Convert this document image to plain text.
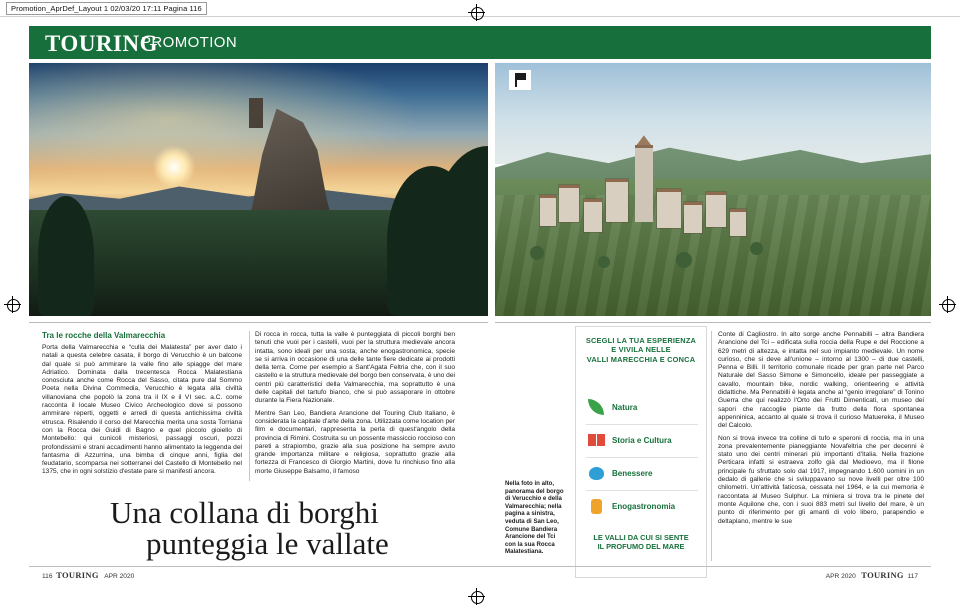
Promotion_AprDef_Layout 1 02/03/20 17:11 Pagina 116
TOURING
PROMOTION
Tra le rocche della Valmarecchia

Porta della Valmarecchia e “culla dei Malatesta” per aver dato i natali a questa celebre casata, il borgo di Verucchio è un balcone dal quale si può ammirare la valle fino alle spiagge del mare Adriatico. Dominata dalla trecentesca Rocca Malatestiana conosciuta anche come Rocca del Sasso, citata pure dal Sommo Poeta nella Divina Commedia, Verucchio è legata alla civiltà villanoviana che popolò la zona tra il IX e il VI sec. a.C. come racconta il locale Museo Civico Archeologico dove si possono ammirare reperti, oggetti e arredi di questa antichissima civiltà etrusca. Risalendo il corso del Marecchia merita una sosta Torriana con la Rocca dei Guidi di Bagno e quel piccolo gioiello di Montebello: qui cunicoli misteriosi, passaggi oscuri, pozzi profondissimi e strani accadimenti hanno alimentato la leggenda del fantasma di Azzurrina, una bimba di cinque anni, figlia del feudatario, scomparsa nei sotterranei del Castello di Montebello nel 1375, che in ogni solstizio d'estate pare si manifesti ancora.

Di rocca in rocca, tutta la valle è punteggiata di piccoli borghi ben tenuti che vuoi per i castelli, vuoi per la struttura medievale ancora intatta, sono ideali per una sosta, anche enogastronomica, specie se si arriva in occasione di una delle tante fiere dedicate ai prodotti della terra. Come per esempio a Sant'Agata Feltria che, con il suo castello e la struttura medievale del borgo ben conservata, è uno dei centri più caratteristici della Valmarecchia, ma soprattutto è una delle capitali del tartufo bianco, che si può assaporare in ottobre durante la Fiera Nazionale.

Mentre San Leo, Bandiera Arancione del Touring Club Italiano, è considerata la capitale d'arte della zona. Utilizzata come location per film e documentari, rappresenta la perla di quest'angolo della provincia di Rimini. Costruita su un possente massiccio roccioso con pareti a strapiombo, grazie alla sua posizione ha sempre avuto grande importanza militare e religiosa, soprattutto grazie alla fortezza di Francesco di Giorgio Martini, dove fu rinchiuso fino alla morte Giuseppe Balsamo, il famoso

Nella foto in alto, panorama del borgo di Verucchio e della Valmarecchia; nella pagina a sinistra, veduta di San Leo, Comune Bandiera Arancione del Tci con la sua Rocca Malatestiana.

Conte di Cagliostro. In alto sorge anche Pennabilli – altra Bandiera Arancione del Tci – edificata sulla roccia della Rupe e del Roccione a 629 metri di altezza, e intatta nel suo impianto medievale. Un nome curioso, che si deve all'unione – intorno al 1300 – di due castelli, Penna e Billi. Il territorio comunale ricade per gran parte nel Parco Naturale del Sasso Simone e Simoncello, ideale per passeggiate a cavallo, mountain bike, nordic walking, orienteering e attività didattiche. Ma Pennabilli è legata anche al “genio irregolare” di Tonino Guerra che qui realizzò l'Orto dei Frutti Dimenticati, un museo dei sapori che raccoglie piante da frutto della flora spontanea appenninica, accanto al quale si trova il curioso Matuereka, il Museo del Calcolo.

Non si trova invece tra colline di tufo e speroni di roccia, ma in una zona prevalentemente pianeggiante Novafeltria che per decenni è stato uno dei centri minerari più importanti d'Italia. Nella frazione Perticara infatti si estraeva zolfo già dal Medioevo, ma il filone principale fu sfruttato solo dal 1917, impegnando 1.600 uomini in un dedalo di gallerie che si sviluppavano su nove livelli per oltre 100 chilometri. Un'attività faticosa, cessata nel 1964, e la cui memoria è raccontata al Museo Sulphur. La miniera si trova tra le pinete del monte Aquilone che, con i suoi 883 metri sul livello del mare, è un punto di riferimento per gli amanti di volo libero, parapendio e deltaplano, mentre le sue

SCEGLI LA TUA ESPERIENZA
E VIVILA NELLE
VALLI MARECCHIA E CONCA
Natura
Storia e Cultura
Benessere
Enogastronomia
LE VALLI DA CUI SI SENTE
IL PROFUMO DEL MARE
Una collana di borghi
punteggia le vallate
116 TOURING APR 2020	APR 2020 TOURING 117
